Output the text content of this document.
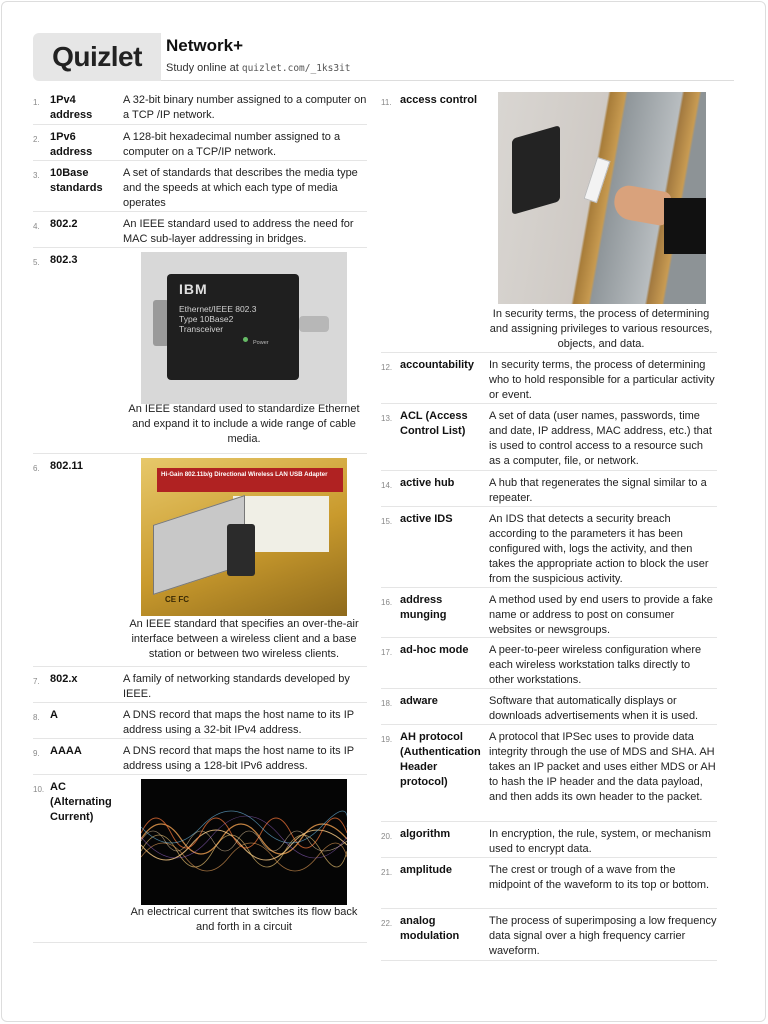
Quizlet	Network+
Study online at quizlet.com/_1ks3it
1. 1Pv4 address
A 32-bit binary number assigned to a computer on a TCP /IP network.
2. 1Pv6 address
A 128-bit hexadecimal number assigned to a computer on a TCP/IP network.
3. 10Base standards
A set of standards that describes the media type and the speeds at which each type of media operates
4. 802.2	An IEEE standard used to address the need for MAC sub-layer addressing in bridges.
5. 802.3
IBM
Ethernet/IEEE 802.3
Type 10Base2
Transceiver
Power
An IEEE standard used to standardize Ethernet and expand it to include a wide range of cable media.
6. 802.11
Hi-Gain 802.11b/g Directional Wireless LAN USB Adapter
CE FC
An IEEE standard that specifies an over-the-air interface between a wireless client and a base station or between two wireless clients.
7. 802.x	A family of networking standards developed by IEEE.
8. A	A DNS record that maps the host name to its IP address using a 32-bit IPv4 address.
9. AAAA	A DNS record that maps the host name to its IP address using a 128-bit IPv6 address.
10. AC (Alternating Current)
An electrical current that switches its flow back and forth in a circuit
11. access control
In security terms, the process of determining and assigning privileges to various resources, objects, and data.
12. accountability	In security terms, the process of determining who to hold responsible for a particular activity or event.
13. ACL (Access Control List)
A set of data (user names, passwords, time and date, IP address, MAC address, etc.) that is used to control access to a resource such as a computer, file, or network.
14. active hub	A hub that regenerates the signal similar to a repeater.
15. active IDS	An IDS that detects a security breach according to the parameters it has been configured with, logs the activity, and then takes the appropriate action to block the user from the suspicious activity.
16. address munging
A method used by end users to provide a fake name or address to post on consumer websites or newsgroups.
17. ad-hoc mode	A peer-to-peer wireless configuration where each wireless workstation talks directly to other workstations.
18. adware	Software that automatically displays or downloads advertisements when it is used.
19. AH protocol (Authentication Header protocol)
A protocol that IPSec uses to provide data integrity through the use of MDS and SHA. AH takes an IP packet and uses either MDS or AH to hash the IP header and the data payload, and then adds its own header to the packet.
20. algorithm	In encryption, the rule, system, or mechanism used to encrypt data.
21. amplitude	The crest or trough of a wave from the midpoint of the waveform to its top or bottom.
22. analog modulation
The process of superimposing a low frequency data signal over a high frequency carrier waveform.
